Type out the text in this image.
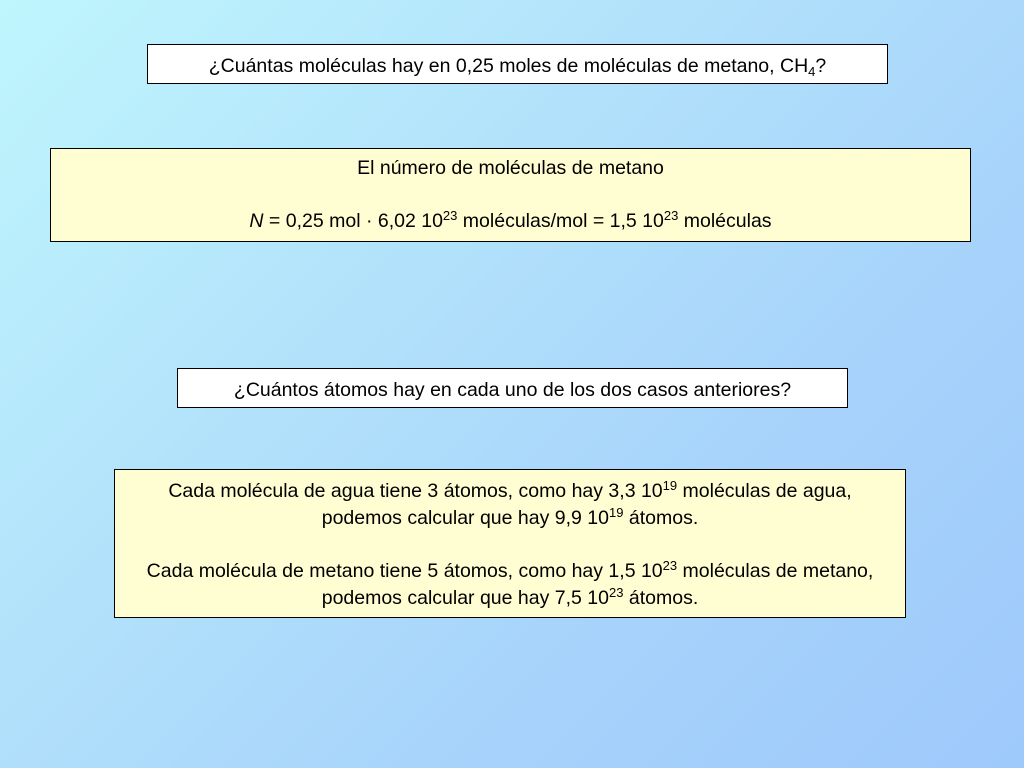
¿Cuántas moléculas hay en 0,25 moles de moléculas de metano, $CH_4$?
El número de moléculas de metano
N = 0,25 mol · 6,02 $10^{23}$ moléculas/mol = 1,5 $10^{23}$ moléculas
¿Cuántos átomos hay en cada uno de los dos casos anteriores?
Cada molécula de agua tiene 3 átomos, como hay 3,3 $10^{19}$ moléculas de agua, podemos calcular que hay 9,9 $10^{19}$ átomos.
Cada molécula de metano tiene 5 átomos, como hay 1,5 $10^{23}$ moléculas de metano, podemos calcular que hay 7,5 $10^{23}$ átomos.
